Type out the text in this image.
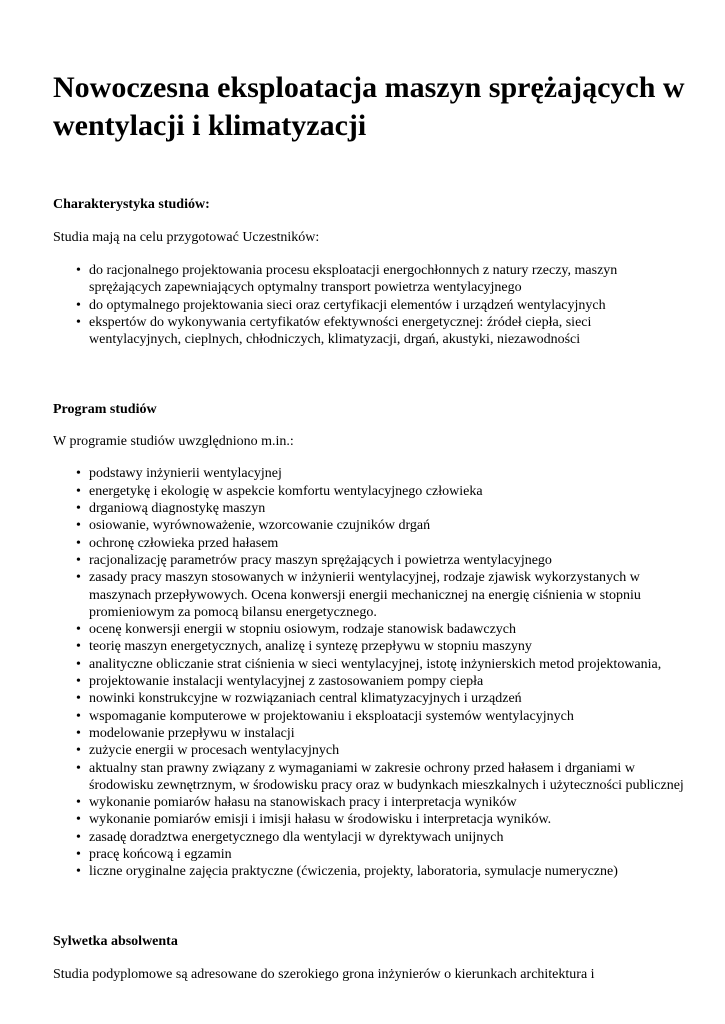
Nowoczesna eksploatacja maszyn sprężających w wentylacji i klimatyzacji
Charakterystyka studiów:

Studia mają na celu przygotować Uczestników:

• do racjonalnego projektowania procesu eksploatacji energochłonnych z natury rzeczy, maszyn sprężających zapewniających optymalny transport powietrza wentylacyjnego
• do optymalnego projektowania sieci oraz certyfikacji elementów i urządzeń wentylacyjnych
• ekspertów do wykonywania certyfikatów efektywności energetycznej: źródeł ciepła, sieci wentylacyjnych, cieplnych, chłodniczych, klimatyzacji, drgań, akustyki, niezawodności
Program studiów

W programie studiów uwzględniono m.in.:

• podstawy inżynierii wentylacyjnej
• energetykę i ekologię w aspekcie komfortu wentylacyjnego człowieka
• drganiową diagnostykę maszyn
• osiowanie, wyrównoważenie, wzorcowanie czujników drgań
• ochronę człowieka przed hałasem
• racjonalizację parametrów pracy maszyn sprężających i powietrza wentylacyjnego
• zasady pracy maszyn stosowanych w inżynierii wentylacyjnej, rodzaje zjawisk wykorzystanych w maszynach przepływowych. Ocena konwersji energii mechanicznej na energię ciśnienia w stopniu promieniowym za pomocą bilansu energetycznego.
• ocenę konwersji energii w stopniu osiowym, rodzaje stanowisk badawczych
• teorię maszyn energetycznych, analizę i syntezę przepływu w stopniu maszyny
• analityczne obliczanie strat ciśnienia w sieci wentylacyjnej, istotę inżynierskich metod projektowania,
• projektowanie instalacji wentylacyjnej z zastosowaniem pompy ciepła
• nowinki konstrukcyjne w rozwiązaniach central klimatyzacyjnych i urządzeń
• wspomaganie komputerowe w projektowaniu i eksploatacji systemów wentylacyjnych
• modelowanie przepływu w instalacji
• zużycie energii w procesach wentylacyjnych
• aktualny stan prawny związany z wymaganiami w zakresie ochrony przed hałasem i drganiami w środowisku zewnętrznym, w środowisku pracy oraz w budynkach mieszkalnych i użyteczności publicznej
• wykonanie pomiarów hałasu na stanowiskach pracy i interpretacja wyników
• wykonanie pomiarów emisji i imisji hałasu w środowisku i interpretacja wyników.
• zasadę doradztwa energetycznego dla wentylacji w dyrektywach unijnych
• pracę końcową i egzamin
• liczne oryginalne zajęcia praktyczne (ćwiczenia, projekty, laboratoria, symulacje numeryczne)
Sylwetka absolwenta

Studia podyplomowe są adresowane do szerokiego grona inżynierów o kierunkach architektura i
